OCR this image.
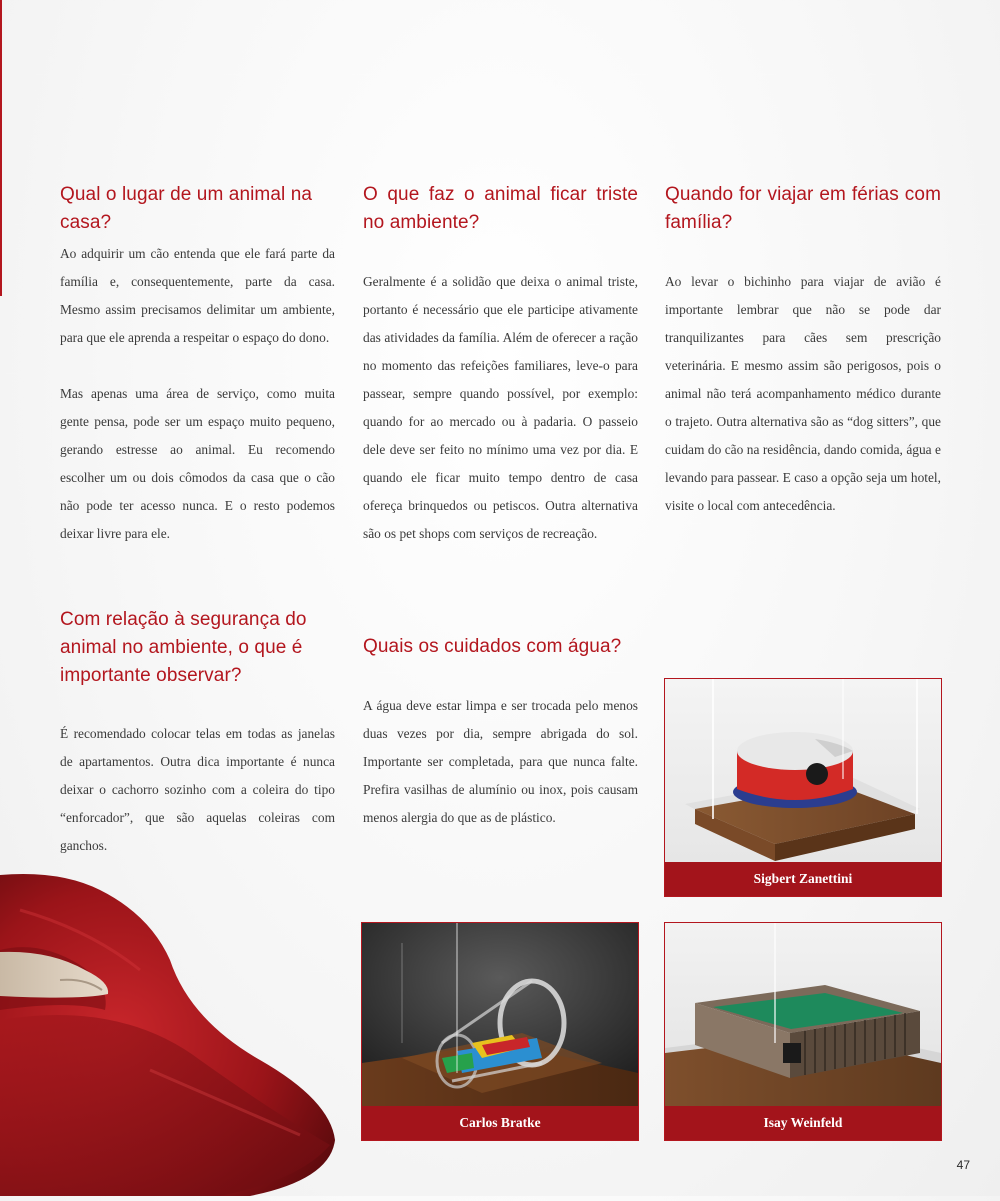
Qual o lugar de um animal na casa?

Ao adquirir um cão entenda que ele fará parte da família e, consequentemente, parte da casa. Mesmo assim precisamos delimitar um ambiente, para que ele aprenda a respeitar o espaço do dono.

Mas apenas uma área de serviço, como muita gente pensa, pode ser um espaço muito pequeno, gerando estresse ao animal. Eu recomendo escolher um ou dois cômodos da casa que o cão não pode ter acesso nunca. E o resto podemos deixar livre para ele.

O que faz o animal ficar triste no ambiente?

Geralmente é a solidão que deixa o animal triste, portanto é necessário que ele participe ativamente das atividades da família. Além de oferecer a ração no momento das refeições familiares, leve-o para passear, sempre quando possível, por exemplo: quando for ao mercado ou à padaria. O passeio dele deve ser feito no mínimo uma vez por dia. E quando ele ficar muito tempo dentro de casa ofereça brinquedos ou petiscos. Outra alternativa são os pet shops com serviços de recreação.

Quando for viajar em férias com família?

Ao levar o bichinho para viajar de avião é importante lembrar que não se pode dar tranquilizantes para cães sem prescrição veterinária. E mesmo assim são perigosos, pois o animal não terá acompanhamento médico durante o trajeto. Outra alternativa são as “dog sitters”, que cuidam do cão na residência, dando comida, água e levando para passear. E caso a opção seja um hotel, visite o local com antecedência.

Com relação à segurança do animal no ambiente, o que é importante observar?

É recomendado colocar telas em todas as janelas de apartamentos. Outra dica importante é nunca deixar o cachorro sozinho com a coleira do tipo “enforcador”, que são aquelas coleiras com ganchos.

Quais os cuidados com água?

A água deve estar limpa e ser trocada pelo menos duas vezes por dia, sempre abrigada do sol. Importante ser completada, para que nunca falte. Prefira vasilhas de alumínio ou inox, pois causam menos alergia do que as de plástico.

Sigbert Zanettini
Carlos Bratke	Isay Weinfeld
47
